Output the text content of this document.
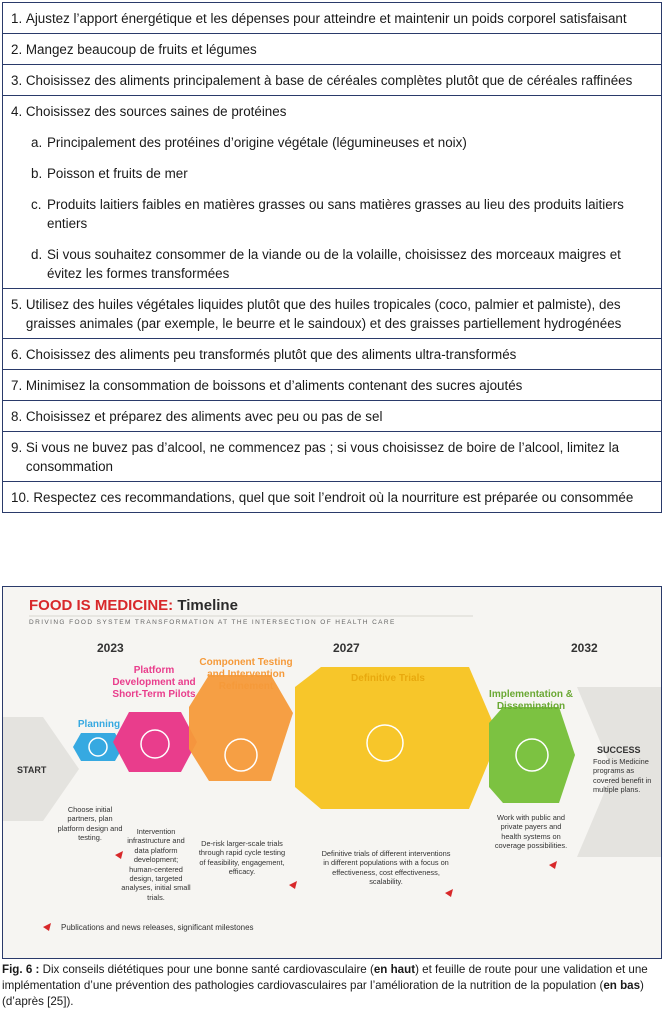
1. Ajustez l’apport énergétique et les dépenses pour atteindre et maintenir un poids corporel satisfaisant
2. Mangez beaucoup de fruits et légumes
3. Choisissez des aliments principalement à base de céréales complètes plutôt que de céréales raffinées
4. Choisissez des sources saines de protéines
a. Principalement des protéines d’origine végétale (légumineuses et noix)
b. Poisson et fruits de mer
c. Produits laitiers faibles en matières grasses ou sans matières grasses au lieu des produits laitiers entiers
d. Si vous souhaitez consommer de la viande ou de la volaille, choisissez des morceaux maigres et évitez les formes transformées
5. Utilisez des huiles végétales liquides plutôt que des huiles tropicales (coco, palmier et palmiste), des graisses animales (par exemple, le beurre et le saindoux) et des graisses partiellement hydrogénées
6. Choisissez des aliments peu transformés plutôt que des aliments ultra-transformés
7. Minimisez la consommation de boissons et d’aliments contenant des sucres ajoutés
8. Choisissez et préparez des aliments avec peu ou pas de sel
9. Si vous ne buvez pas d’alcool, ne commencez pas ; si vous choisissez de boire de l’alcool, limitez la consommation
10. Respectez ces recommandations, quel que soit l’endroit où la nourriture est préparée ou consommée
FOOD IS MEDICINE: Timeline
DRIVING FOOD SYSTEM TRANSFORMATION AT THE INTERSECTION OF HEALTH CARE
2023	2027	2032
START
Planning
Platform Development and Short-Term Pilots
Component Testing and Intervention Refinement
Definitive Trials
Implementation & Dissemination
SUCCESS
Food is Medicine programs as covered benefit in multiple plans.
Choose initial partners, plan platform design and testing.
Intervention infrastructure and data platform development; human-centered design, targeted analyses, initial small trials.
De-risk larger-scale trials through rapid cycle testing of feasibility, engagement, efficacy.
Definitive trials of different interventions in different populations with a focus on effectiveness, cost effectiveness, scalability.
Work with public and private payers and health systems on coverage possibilities.
Publications and news releases, significant milestones
Fig. 6 : Dix conseils diététiques pour une bonne santé cardiovasculaire (en haut) et feuille de route pour une validation et une implémentation d’une prévention des pathologies cardiovasculaires par l’amélioration de la nutrition de la population (en bas) (d’après [25]).
